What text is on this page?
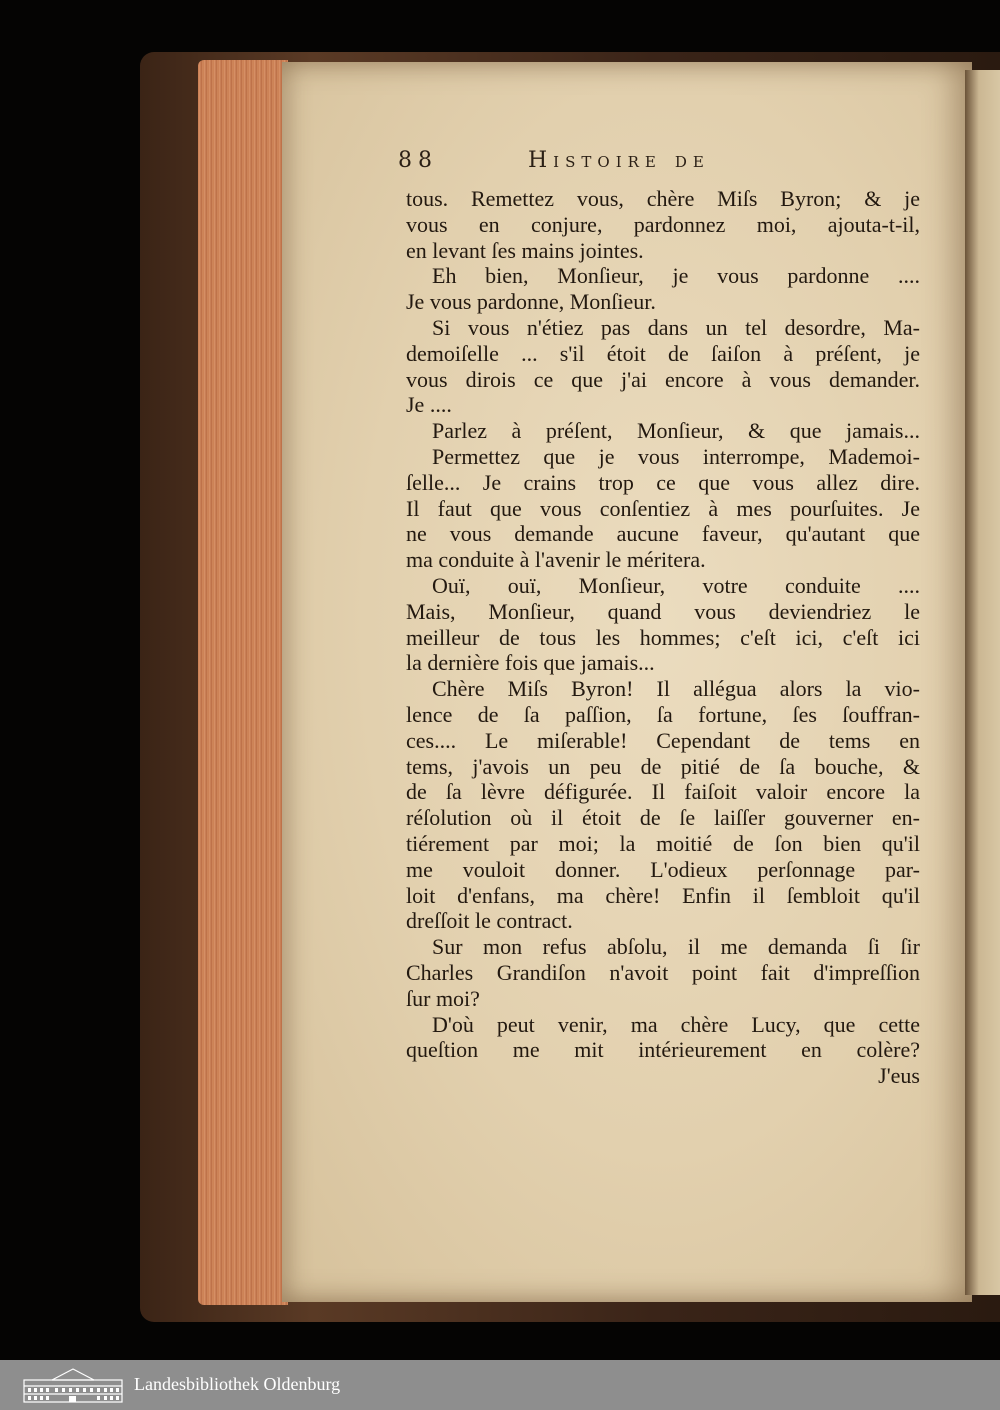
88	Histoire de
tous. Remettez vous, chère Miſs Byron; & je
vous en conjure, pardonnez moi, ajouta-t-il,
en levant ſes mains jointes.
Eh bien, Monſieur, je vous pardonne ....
Je vous pardonne, Monſieur.
Si vous n'étiez pas dans un tel desordre, Ma-
demoiſelle ... s'il étoit de ſaiſon à préſent, je
vous dirois ce que j'ai encore à vous demander.
Je ....
Parlez à préſent, Monſieur, & que jamais...
Permettez que je vous interrompe, Mademoi-
ſelle... Je crains trop ce que vous allez dire.
Il faut que vous conſentiez à mes pourſuites. Je
ne vous demande aucune faveur, qu'autant que
ma conduite à l'avenir le méritera.
Ouï, ouï, Monſieur, votre conduite ....
Mais, Monſieur, quand vous deviendriez le
meilleur de tous les hommes; c'eſt ici, c'eſt ici
la dernière fois que jamais...
Chère Miſs Byron! Il allégua alors la vio-
lence de ſa paſſion, ſa fortune, ſes ſouffran-
ces.... Le miſerable! Cependant de tems en
tems, j'avois un peu de pitié de ſa bouche, &
de ſa lèvre défigurée. Il faiſoit valoir encore la
réſolution où il étoit de ſe laiſſer gouverner en-
tiérement par moi; la moitié de ſon bien qu'il
me vouloit donner. L'odieux perſonnage par-
loit d'enfans, ma chère! Enfin il ſembloit qu'il
dreſſoit le contract.
Sur mon refus abſolu, il me demanda ſi ſir
Charles Grandiſon n'avoit point fait d'impreſſion
ſur moi?
D'où peut venir, ma chère Lucy, que cette
queſtion me mit intérieurement en colère?
J'eus
Landesbibliothek Oldenburg
